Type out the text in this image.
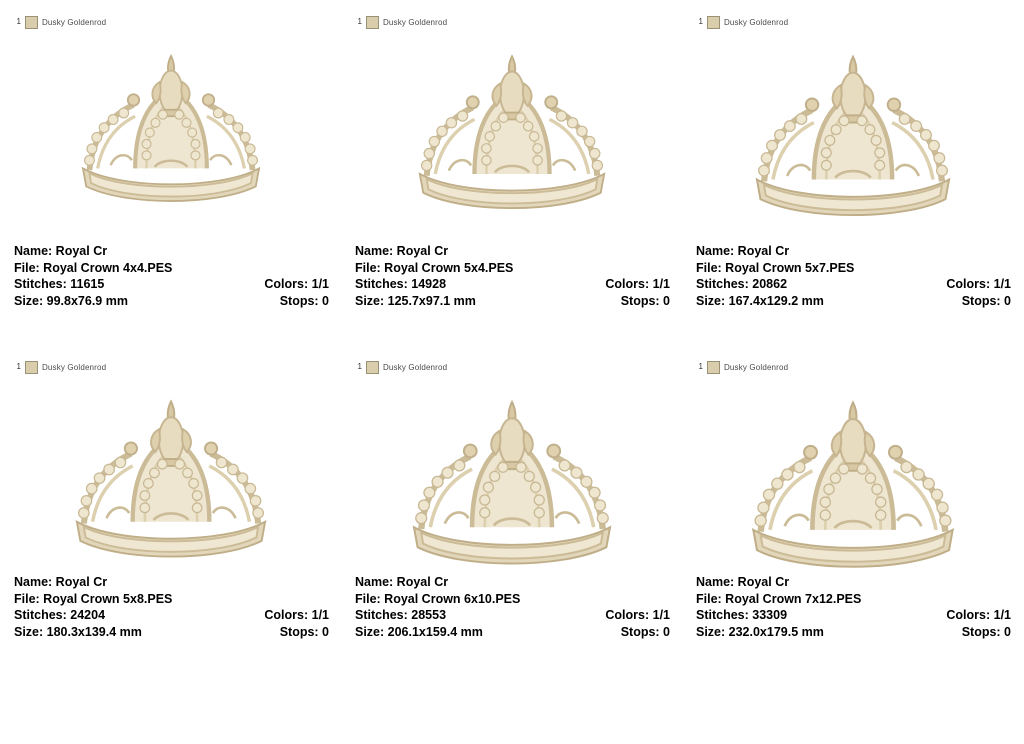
1	Dusky Goldenrod
Name: Royal Cr
File: Royal Crown 4x4.PES
Stitches: 11615	Colors: 1/1
Size: 99.8x76.9 mm	Stops: 0
1	Dusky Goldenrod
Name: Royal Cr
File: Royal Crown 5x4.PES
Stitches: 14928	Colors: 1/1
Size: 125.7x97.1 mm	Stops: 0
1	Dusky Goldenrod
Name: Royal Cr
File: Royal Crown 5x7.PES
Stitches: 20862	Colors: 1/1
Size: 167.4x129.2 mm	Stops: 0
1	Dusky Goldenrod
Name: Royal Cr
File: Royal Crown 5x8.PES
Stitches: 24204	Colors: 1/1
Size: 180.3x139.4 mm	Stops: 0
1	Dusky Goldenrod
Name: Royal Cr
File: Royal Crown 6x10.PES
Stitches: 28553	Colors: 1/1
Size: 206.1x159.4 mm	Stops: 0
1	Dusky Goldenrod
Name: Royal Cr
File: Royal Crown 7x12.PES
Stitches: 33309	Colors: 1/1
Size: 232.0x179.5 mm	Stops: 0
